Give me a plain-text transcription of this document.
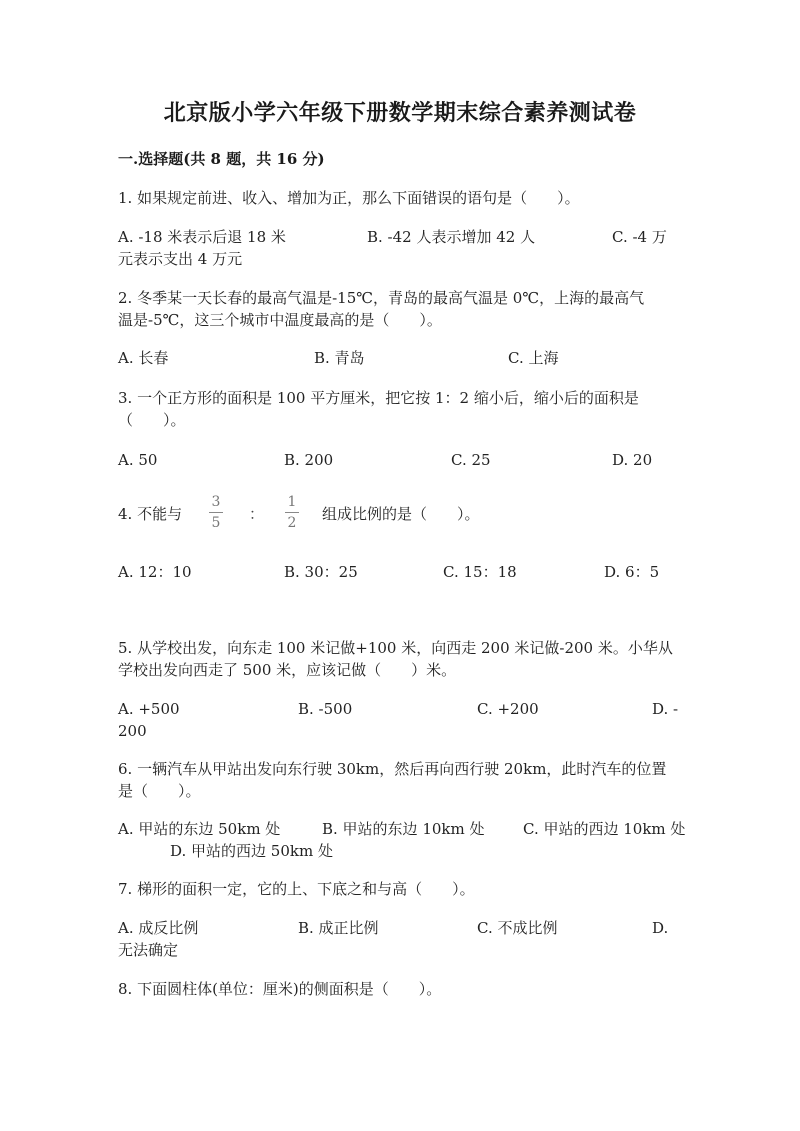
北京版小学六年级下册数学期末综合素养测试卷
一.选择题(共 8 题，共 16 分)
1. 如果规定前进、收入、增加为正，那么下面错误的语句是（　　）。
A. -18 米表示后退 18 米	B. -42 人表示增加 42 人	C. -4 万
元表示支出 4 万元
2. 冬季某一天长春的最高气温是-15℃，青岛的最高气温是 0℃，上海的最高气
温是-5℃，这三个城市中温度最高的是（　　）。
A. 长春	B. 青岛	C. 上海
3. 一个正方形的面积是 100 平方厘米，把它按 1：2 缩小后，缩小后的面积是
（　　）。
A. 50	B. 200	C. 25	D. 20
4. 不能与
3
5 ：
1
2 组成比例的是（　　）。
A. 12：10	B. 30：25	C. 15：18	D. 6：5
5. 从学校出发，向东走 100 米记做+100 米，向西走 200 米记做-200 米。小华从
学校出发向西走了 500 米，应该记做（　　）米。
A. +500	B. -500	C. +200	D. -
200
6. 一辆汽车从甲站出发向东行驶 30km，然后再向西行驶 20km，此时汽车的位置
是（　　）。
A. 甲站的东边 50km 处	B. 甲站的东边 10km 处	C. 甲站的西边 10km 处
D. 甲站的西边 50km 处
7. 梯形的面积一定，它的上、下底之和与高（　　）。
A. 成反比例	B. 成正比例	C. 不成比例	D.
无法确定
8. 下面圆柱体(单位：厘米)的侧面积是（　　）。
